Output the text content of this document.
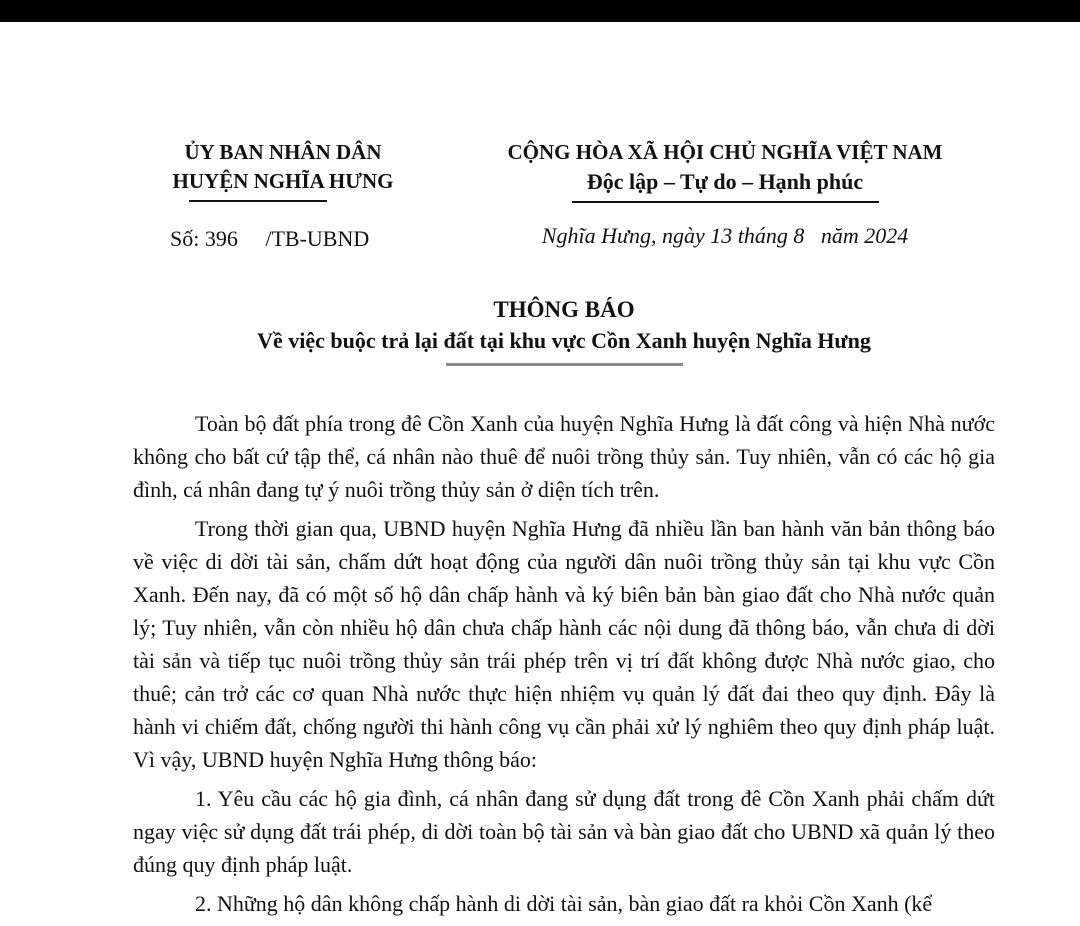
ỦY BAN NHÂN DÂN
HUYỆN NGHĨA HƯNG
Số: 396     /TB-UBND
CỘNG HÒA XÃ HỘI CHỦ NGHĨA VIỆT NAM
Độc lập – Tự do – Hạnh phúc
Nghĩa Hưng, ngày 13 tháng 8   năm 2024
THÔNG BÁO
Về việc buộc trả lại đất tại khu vực Cồn Xanh huyện Nghĩa Hưng

Toàn bộ đất phía trong đê Cồn Xanh của huyện Nghĩa Hưng là đất công và hiện Nhà nước không cho bất cứ tập thể, cá nhân nào thuê để nuôi trồng thủy sản. Tuy nhiên, vẫn có các hộ gia đình, cá nhân đang tự ý nuôi trồng thủy sản ở diện tích trên.

Trong thời gian qua, UBND huyện Nghĩa Hưng đã nhiều lần ban hành văn bản thông báo về việc di dời tài sản, chấm dứt hoạt động của người dân nuôi trồng thủy sản tại khu vực Cồn Xanh. Đến nay, đã có một số hộ dân chấp hành và ký biên bản bàn giao đất cho Nhà nước quản lý; Tuy nhiên, vẫn còn nhiều hộ dân chưa chấp hành các nội dung đã thông báo, vẫn chưa di dời tài sản và tiếp tục nuôi trồng thủy sản trái phép trên vị trí đất không được Nhà nước giao, cho thuê; cản trở các cơ quan Nhà nước thực hiện nhiệm vụ quản lý đất đai theo quy định. Đây là hành vi chiếm đất, chống người thi hành công vụ cần phải xử lý nghiêm theo quy định pháp luật. Vì vậy, UBND huyện Nghĩa Hưng thông báo:

1. Yêu cầu các hộ gia đình, cá nhân đang sử dụng đất trong đê Cồn Xanh phải chấm dứt ngay việc sử dụng đất trái phép, di dời toàn bộ tài sản và bàn giao đất cho UBND xã quản lý theo đúng quy định pháp luật.

2. Những hộ dân không chấp hành di dời tài sản, bàn giao đất ra khỏi Cồn Xanh (kể
